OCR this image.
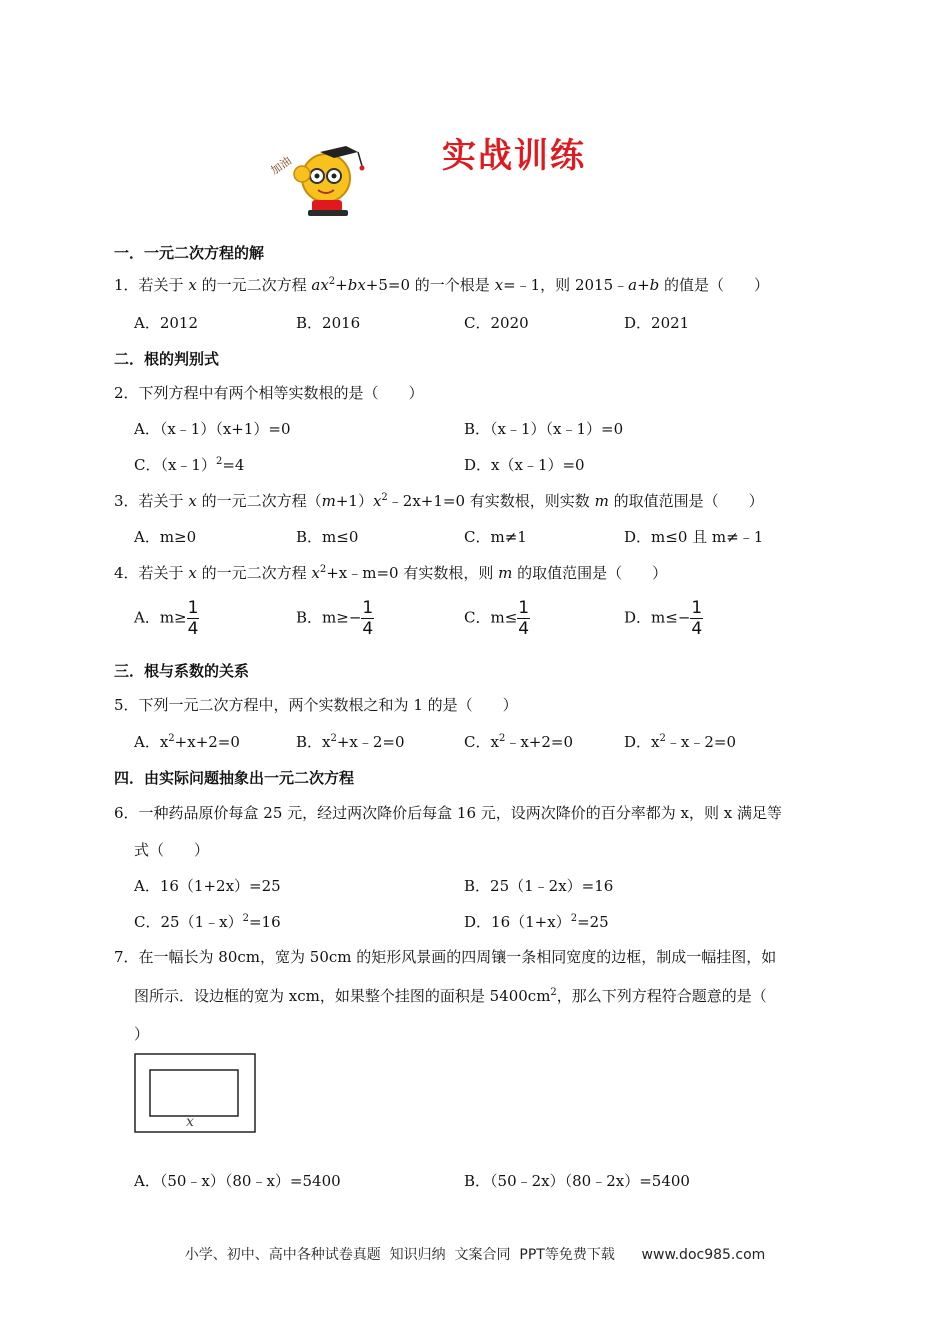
加油	实战训练
一．一元二次方程的解
1．若关于 x 的一元二次方程 $ax^2+bx+5=0$ 的一个根是 x=﹣1，则 2015﹣a+b 的值是（　　）
A．2012	B．2016	C．2020	D．2021
二．根的判别式
2．下列方程中有两个相等实数根的是（　　）
A．（x﹣1）（x+1）=0	B．（x﹣1）（x﹣1）=0
C．（x﹣1）$^2$=4	D．x（x﹣1）=0
3．若关于 x 的一元二次方程$(m+1)x^2﹣2x+1=0$ 有实数根，则实数 m 的取值范围是（　　）
A．m≥0	B．m≤0	C．m≠1	D．m≤0 且 m≠﹣1
4．若关于 x 的一元二次方程 $x^2+x﹣m=0$ 有实数根，则 m 的取值范围是（　　）
A．$m\ge \frac{1}{4}$	B．$m\ge- \frac{1}{4}$	C．$m\le \frac{1}{4}$	D．$m\le- \frac{1}{4}$
三．根与系数的关系
5．下列一元二次方程中，两个实数根之和为 1 的是（　　）
A．$x^2+x+2=0$	B．$x^2+x﹣2=0$	C．$x^2﹣x+2=0$	D．$x^2﹣x﹣2=0$
四．由实际问题抽象出一元二次方程
6．一种药品原价每盒 25 元，经过两次降价后每盒 16 元，设两次降价的百分率都为 x，则 x 满足等
式（　　）
A．16（1+2x）=25	B．25（1﹣2x）=16
C．25（1﹣x）$^2$=16	D．$16(1+x)^2=25$
7．在一幅长为 80cm，宽为 50cm 的矩形风景画的四周镶一条相同宽度的边框，制成一幅挂图，如
图所示．设边框的宽为 xcm，如果整个挂图的面积是 $5400cm^2$，那么下列方程符合题意的是（
）
x
A．（50﹣x）（80﹣x）=5400	B．（50﹣2x）（80﹣2x）=5400
小学、初中、高中各种试卷真题  知识归纳  文案合同  PPT等免费下载      www.doc985.com
